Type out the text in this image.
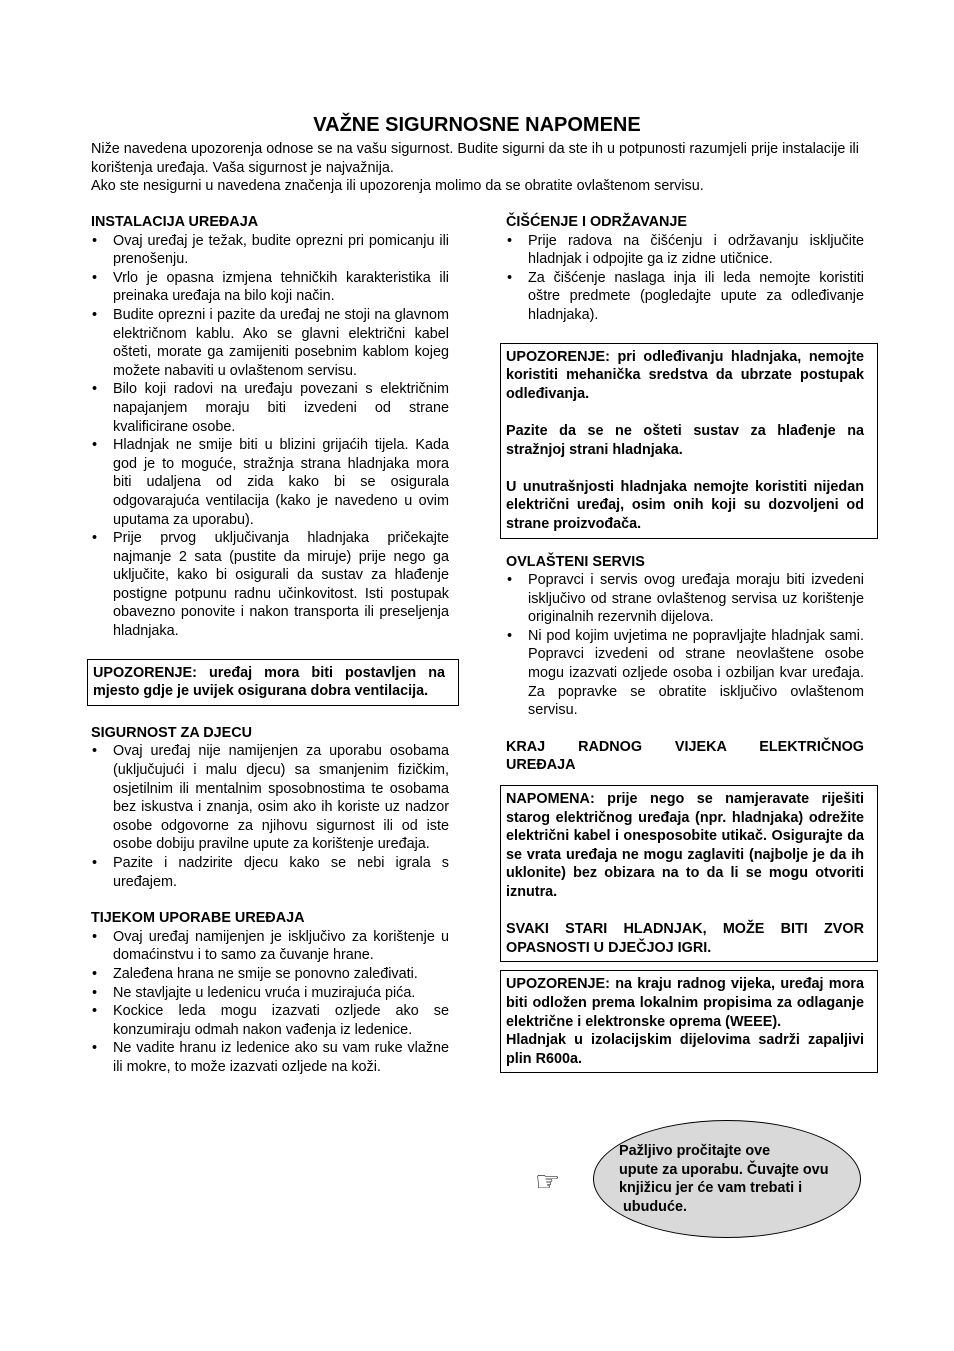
VAŽNE SIGURNOSNE NAPOMENE

Niže navedena upozorenja odnose se na vašu sigurnost. Budite sigurni da ste ih u potpunosti razumjeli prije instalacije ili korištenja uređaja. Vaša sigurnost je najvažnija.

Ako ste nesigurni u navedena značenja ili upozorenja molimo da se obratite ovlaštenom servisu.

INSTALACIJA UREĐAJA
• Ovaj uređaj je težak, budite oprezni pri pomicanju ili prenošenju.
• Vrlo je opasna izmjena tehničkih karakteristika ili preinaka uređaja na bilo koji način.
• Budite oprezni i pazite da uređaj ne stoji na glavnom električnom kablu. Ako se glavni električni kabel ošteti, morate ga zamijeniti posebnim kablom kojeg možete nabaviti u ovlaštenom servisu.
• Bilo koji radovi na uređaju povezani s električnim napajanjem moraju biti izvedeni od strane kvalificirane osobe.
• Hladnjak ne smije biti u blizini grijaćih tijela. Kada god je to moguće, stražnja strana hladnjaka mora biti udaljena od zida kako bi se osigurala odgovarajuća ventilacija (kako je navedeno u ovim uputama za uporabu).
• Prije prvog uključivanja hladnjaka pričekajte najmanje 2 sata (pustite da miruje) prije nego ga uključite, kako bi osigurali da sustav za hlađenje postigne potpunu radnu učinkovitost. Isti postupak obavezno ponovite i nakon transporta ili preseljenja hladnjaka.

UPOZORENJE: uređaj mora biti postavljen na mjesto gdje je uvijek osigurana dobra ventilacija.

SIGURNOST ZA DJECU
• Ovaj uređaj nije namijenjen za uporabu osobama (uključujući i malu djecu) sa smanjenim fizičkim, osjetilnim ili mentalnim sposobnostima te osobama bez iskustva i znanja, osim ako ih koriste uz nadzor osobe odgovorne za njihovu sigurnost ili od iste osobe dobiju pravilne upute za korištenje uređaja.
• Pazite i nadzirite djecu kako se nebi igrala s uređajem.
TIJEKOM UPORABE UREĐAJA
• Ovaj uređaj namijenjen je isključivo za korištenje u domaćinstvu i to samo za čuvanje hrane.
• Zaleđena hrana ne smije se ponovno zaleđivati.
• Ne stavljajte u ledenicu vruća i muzirajuća pića.
• Kockice leda mogu izazvati ozljede ako se konzumiraju odmah nakon vađenja iz ledenice.
• Ne vadite hranu iz ledenice ako su vam ruke vlažne ili mokre, to može izazvati ozljede na koži.
ČIŠĆENJE I ODRŽAVANJE
• Prije radova na čišćenju i održavanju isključite hladnjak i odpojite ga iz zidne utičnice.
• Za čišćenje naslaga inja ili leda nemojte koristiti oštre predmete (pogledajte upute za odleđivanje hladnjaka).

UPOZORENJE: pri odleđivanju hladnjaka, nemojte koristiti mehanička sredstva da ubrzate postupak odleđivanja.

Pazite da se ne ošteti sustav za hlađenje na stražnjoj strani hladnjaka.

U unutrašnjosti hladnjaka nemojte koristiti nijedan električni uređaj, osim onih koji su dozvoljeni od strane proizvođača.

OVLAŠTENI SERVIS
• Popravci i servis ovog uređaja moraju biti izvedeni isključivo od strane ovlaštenog servisa uz korištenje originalnih rezervnih dijelova.
• Ni pod kojim uvjetima ne popravljajte hladnjak sami. Popravci izvedeni od strane neovlaštene osobe mogu izazvati ozljede osoba i ozbiljan kvar uređaja. Za popravke se obratite isključivo ovlaštenom servisu.
KRAJ RADNOG VIJEKA ELEKTRIČNOG UREĐAJA

NAPOMENA: prije nego se namjeravate riješiti starog električnog uređaja (npr. hladnjaka) odrežite električni kabel i onesposobite utikač. Osigurajte da se vrata uređaja ne mogu zaglaviti (najbolje je da ih uklonite) bez obizara na to da li se mogu otvoriti iznutra.

SVAKI STARI HLADNJAK, MOŽE BITI ZVOR OPASNOSTI U DJEČJOJ IGRI.

UPOZORENJE: na kraju radnog vijeka, uređaj mora biti odložen prema lokalnim propisima za odlaganje električne i elektronske oprema (WEEE).

Hladnjak u izolacijskim dijelovima sadrži zapaljivi plin R600a.

☞
Pažljivo pročitajte ove
upute za uporabu. Čuvajte ovu
knjižicu jer će vam trebati i
ubuduće.
